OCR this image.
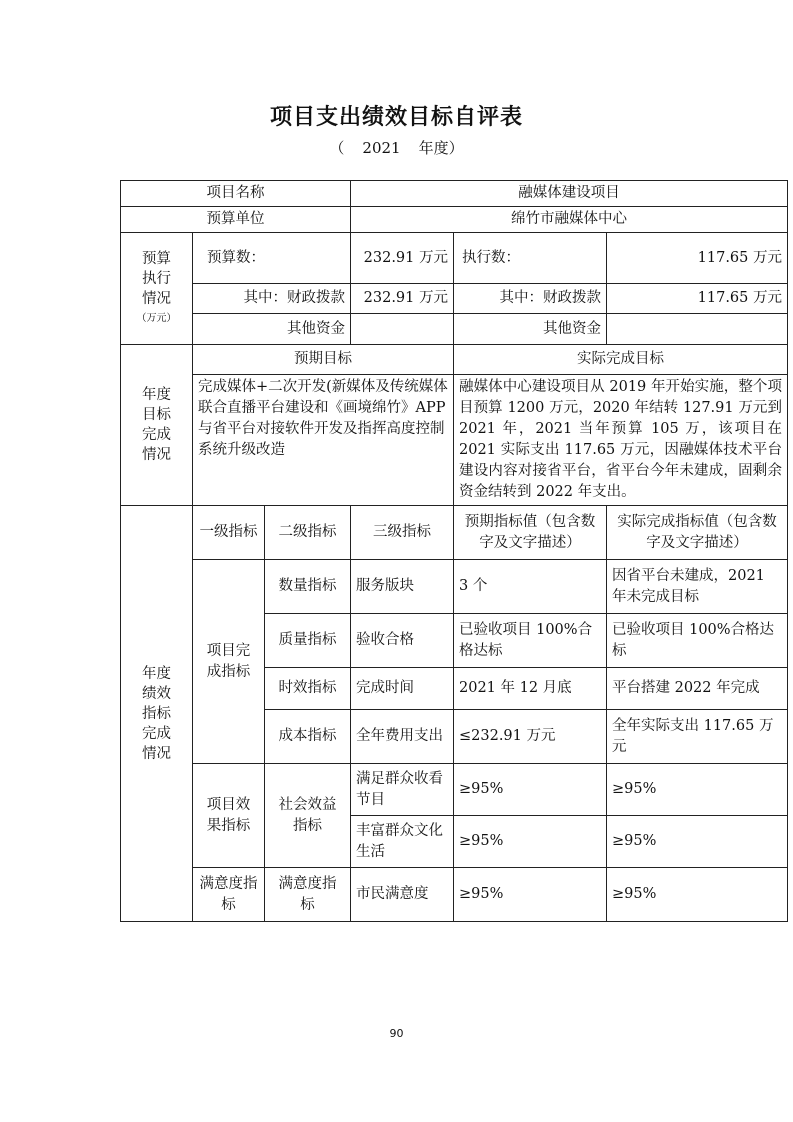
项目支出绩效目标自评表
（ 2021 年度）
项目名称			融媒体建设项目		
预算单位			绵竹市融媒体中心		

预算执行情况
（万元）	预算数：		232.91 万元	执行数：	117.65 万元
	其中：财政拨款		232.91 万元	其中：财政拨款	117.65 万元
	其他资金			其他资金	

年度目标完成情况	预期目标			实际完成目标	
	完成媒体+二次开发(新媒体及传统媒体联合直播平台建设和《画境绵竹》APP 与省平台对接软件开发及指挥高度控制系统升级改造			融媒体中心建设项目从 2019 年开始实施，整个项目预算 1200 万元，2020 年结转 127.91 万元到 2021 年，2021 当年预算 105 万，该项目在 2021 实际支出 117.65 万元，因融媒体技术平台建设内容对接省平台，省平台今年未建成，固剩余资金结转到 2022 年支出。	

年度绩效指标完成情况	一级指标	二级指标	三级指标	预期指标值（包含数字及文字描述）	实际完成指标值（包含数字及文字描述）

	项目完成指标	数量指标	服务版块	3 个	因省平台未建成，2021 年未完成目标
		质量指标	验收合格	已验收项目 100%合格达标	已验收项目 100%合格达标
		时效指标	完成时间	2021 年 12 月底	平台搭建 2022 年完成
		成本指标	全年费用支出	≤232.91 万元	全年实际支出 117.65 万元

	项目效果指标	社会效益指标	满足群众收看节目	≥95%	≥95%
			丰富群众文化生活	≥95%	≥95%

	满意度指标	满意度指标	市民满意度	≥95%	≥95%
90
